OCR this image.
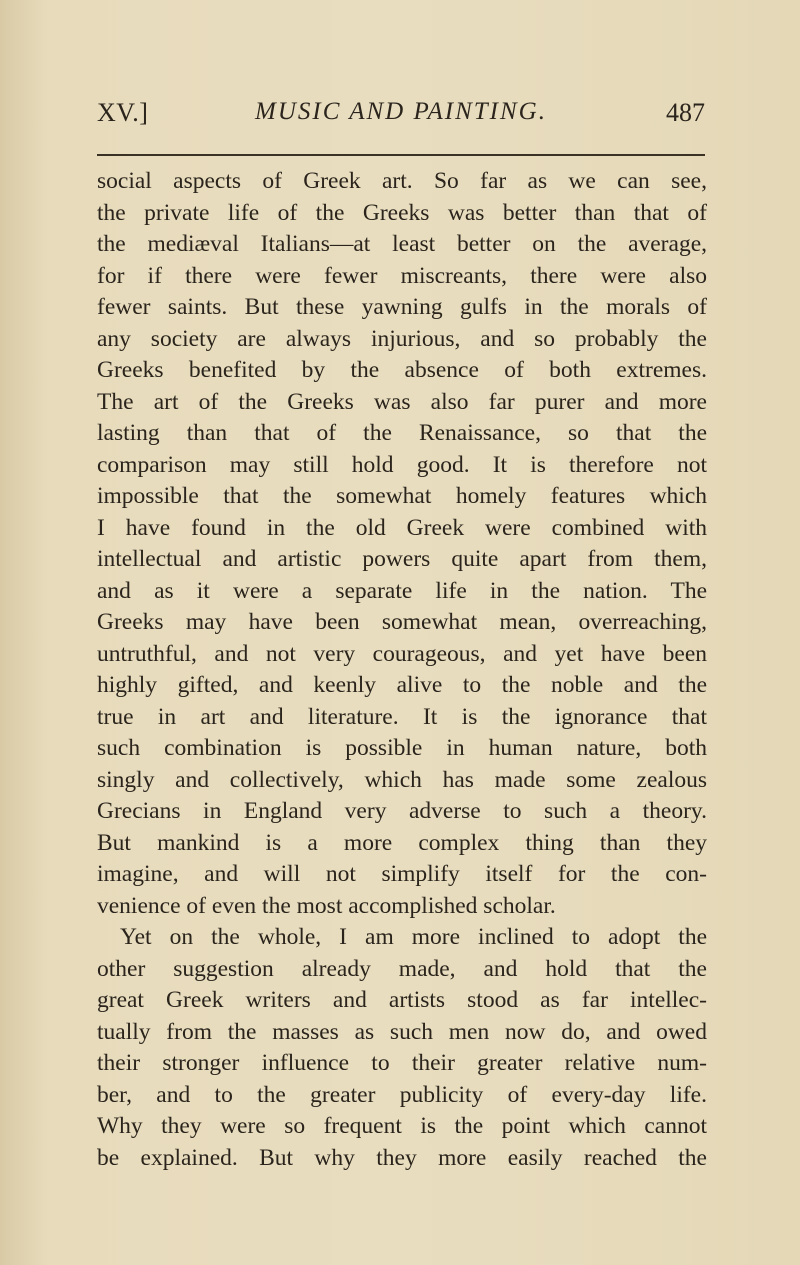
XV.]	MUSIC AND PAINTING.	487
social aspects of Greek art. So far as we can see,
the private life of the Greeks was better than that of
the mediæval Italians—at least better on the average,
for if there were fewer miscreants, there were also
fewer saints. But these yawning gulfs in the morals of
any society are always injurious, and so probably the
Greeks benefited by the absence of both extremes.
The art of the Greeks was also far purer and more
lasting than that of the Renaissance, so that the
comparison may still hold good. It is therefore not
impossible that the somewhat homely features which
I have found in the old Greek were combined with
intellectual and artistic powers quite apart from them,
and as it were a separate life in the nation. The
Greeks may have been somewhat mean, overreaching,
untruthful, and not very courageous, and yet have been
highly gifted, and keenly alive to the noble and the
true in art and literature. It is the ignorance that
such combination is possible in human nature, both
singly and collectively, which has made some zealous
Grecians in England very adverse to such a theory.
But mankind is a more complex thing than they
imagine, and will not simplify itself for the con-
venience of even the most accomplished scholar.
Yet on the whole, I am more inclined to adopt the
other suggestion already made, and hold that the
great Greek writers and artists stood as far intellec-
tually from the masses as such men now do, and owed
their stronger influence to their greater relative num-
ber, and to the greater publicity of every-day life.
Why they were so frequent is the point which cannot
be explained. But why they more easily reached the
